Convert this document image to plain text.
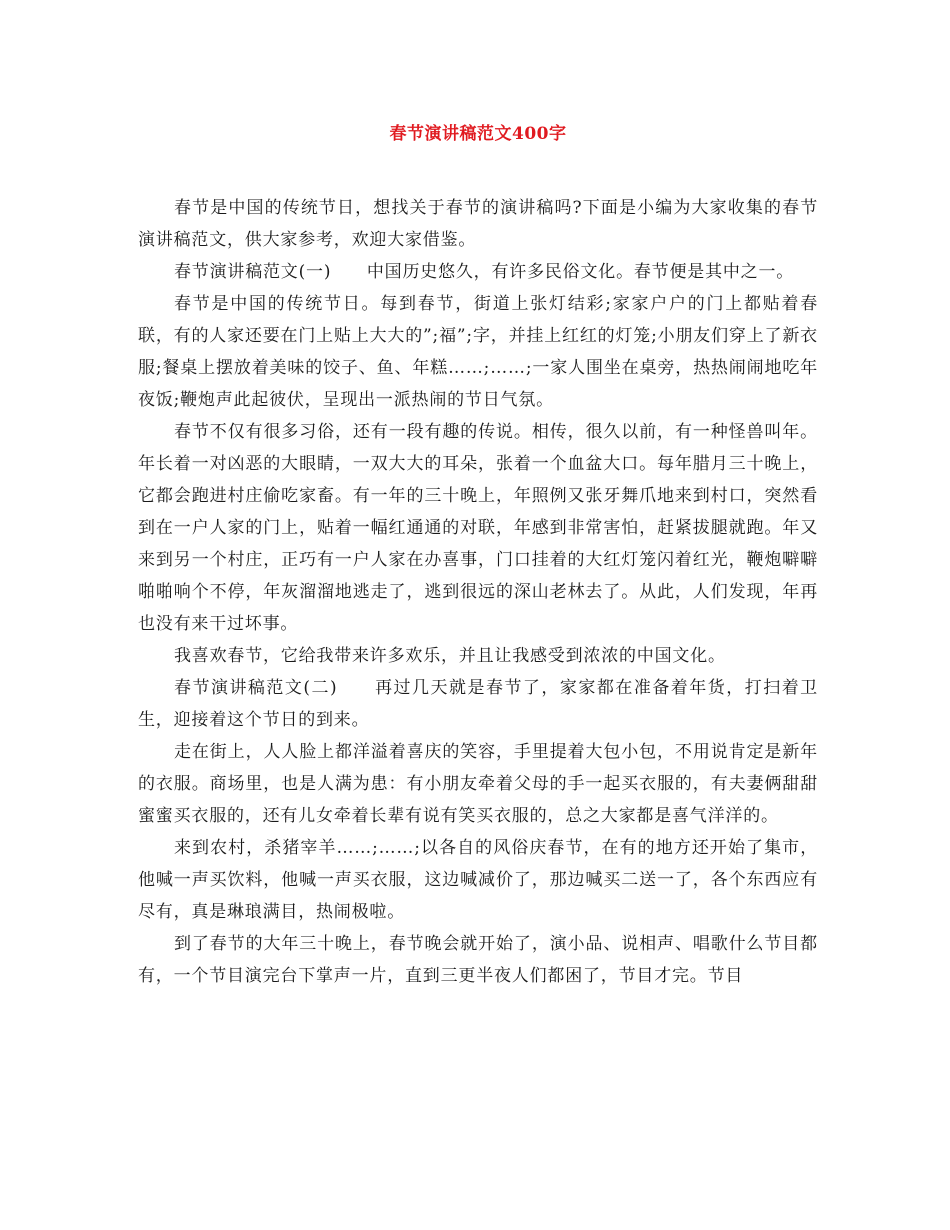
春节演讲稿范文400字

春节是中国的传统节日，想找关于春节的演讲稿吗?下面是小编为大家收集的春节演讲稿范文，供大家参考，欢迎大家借鉴。

春节演讲稿范文(一)　　中国历史悠久，有许多民俗文化。春节便是其中之一。

春节是中国的传统节日。每到春节，街道上张灯结彩;家家户户的门上都贴着春联，有的人家还要在门上贴上大大的”;福”;字，并挂上红红的灯笼;小朋友们穿上了新衣服;餐桌上摆放着美味的饺子、鱼、年糕……;……;一家人围坐在桌旁，热热闹闹地吃年夜饭;鞭炮声此起彼伏，呈现出一派热闹的节日气氛。

春节不仅有很多习俗，还有一段有趣的传说。相传，很久以前，有一种怪兽叫年。年长着一对凶恶的大眼睛，一双大大的耳朵，张着一个血盆大口。每年腊月三十晚上，它都会跑进村庄偷吃家畜。有一年的三十晚上，年照例又张牙舞爪地来到村口，突然看到在一户人家的门上，贴着一幅红通通的对联，年感到非常害怕，赶紧拔腿就跑。年又来到另一个村庄，正巧有一户人家在办喜事，门口挂着的大红灯笼闪着红光，鞭炮噼噼啪啪响个不停，年灰溜溜地逃走了，逃到很远的深山老林去了。从此，人们发现，年再也没有来干过坏事。

我喜欢春节，它给我带来许多欢乐，并且让我感受到浓浓的中国文化。

春节演讲稿范文(二)　　再过几天就是春节了，家家都在准备着年货，打扫着卫生，迎接着这个节日的到来。

走在街上，人人脸上都洋溢着喜庆的笑容，手里提着大包小包，不用说肯定是新年的衣服。商场里，也是人满为患：有小朋友牵着父母的手一起买衣服的，有夫妻俩甜甜蜜蜜买衣服的，还有儿女牵着长辈有说有笑买衣服的，总之大家都是喜气洋洋的。

来到农村，杀猪宰羊……;……;以各自的风俗庆春节，在有的地方还开始了集市，他喊一声买饮料，他喊一声买衣服，这边喊减价了，那边喊买二送一了，各个东西应有尽有，真是琳琅满目，热闹极啦。

到了春节的大年三十晚上，春节晚会就开始了，演小品、说相声、唱歌什么节目都有，一个节目演完台下掌声一片，直到三更半夜人们都困了，节目才完。节目
